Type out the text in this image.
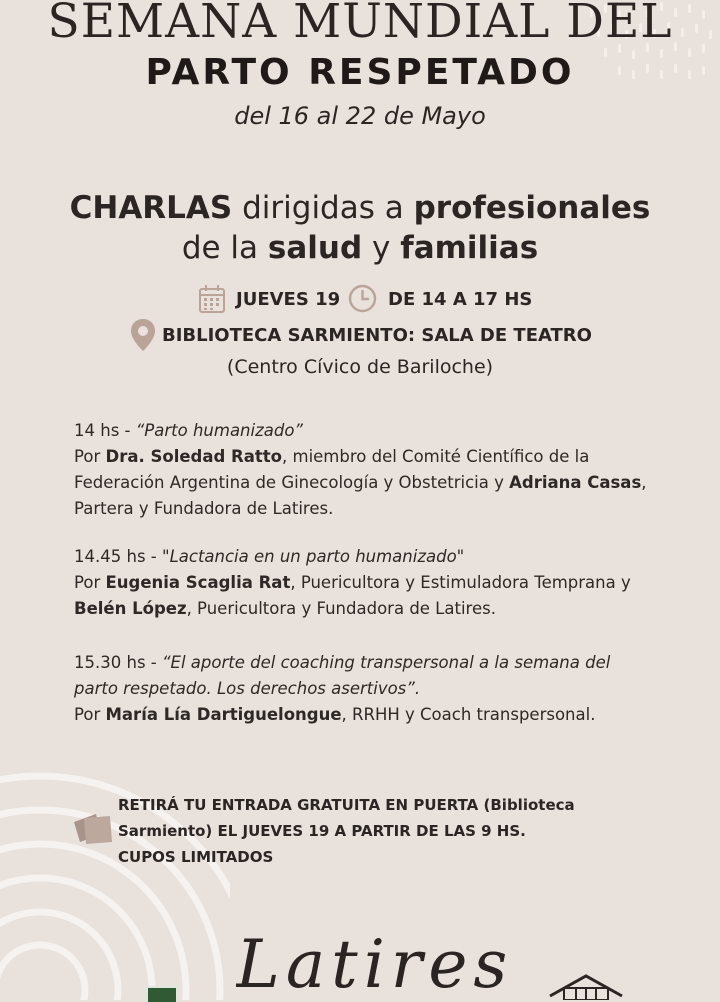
SEMANA MUNDIAL DEL
PARTO RESPETADO
del 16 al 22 de Mayo
CHARLAS dirigidas a profesionales
de la salud y familias
JUEVES 19	DE 14 A 17 HS
BIBLIOTECA SARMIENTO: SALA DE TEATRO
(Centro Cívico de Bariloche)
14 hs - “Parto humanizado”
Por Dra. Soledad Ratto, miembro del Comité Científico de la
Federación Argentina de Ginecología y Obstetricia y Adriana Casas,
Partera y Fundadora de Latires.
14.45 hs - "Lactancia en un parto humanizado"
Por Eugenia Scaglia Rat, Puericultora y Estimuladora Temprana y
Belén López, Puericultora y Fundadora de Latires.
15.30 hs - “El aporte del coaching transpersonal a la semana del
parto respetado. Los derechos asertivos”.
Por María Lía Dartiguelongue, RRHH y Coach transpersonal.
RETIRÁ TU ENTRADA GRATUITA EN PUERTA (Biblioteca
Sarmiento) EL JUEVES 19 A PARTIR DE LAS 9 HS.
CUPOS LIMITADOS
Latires
